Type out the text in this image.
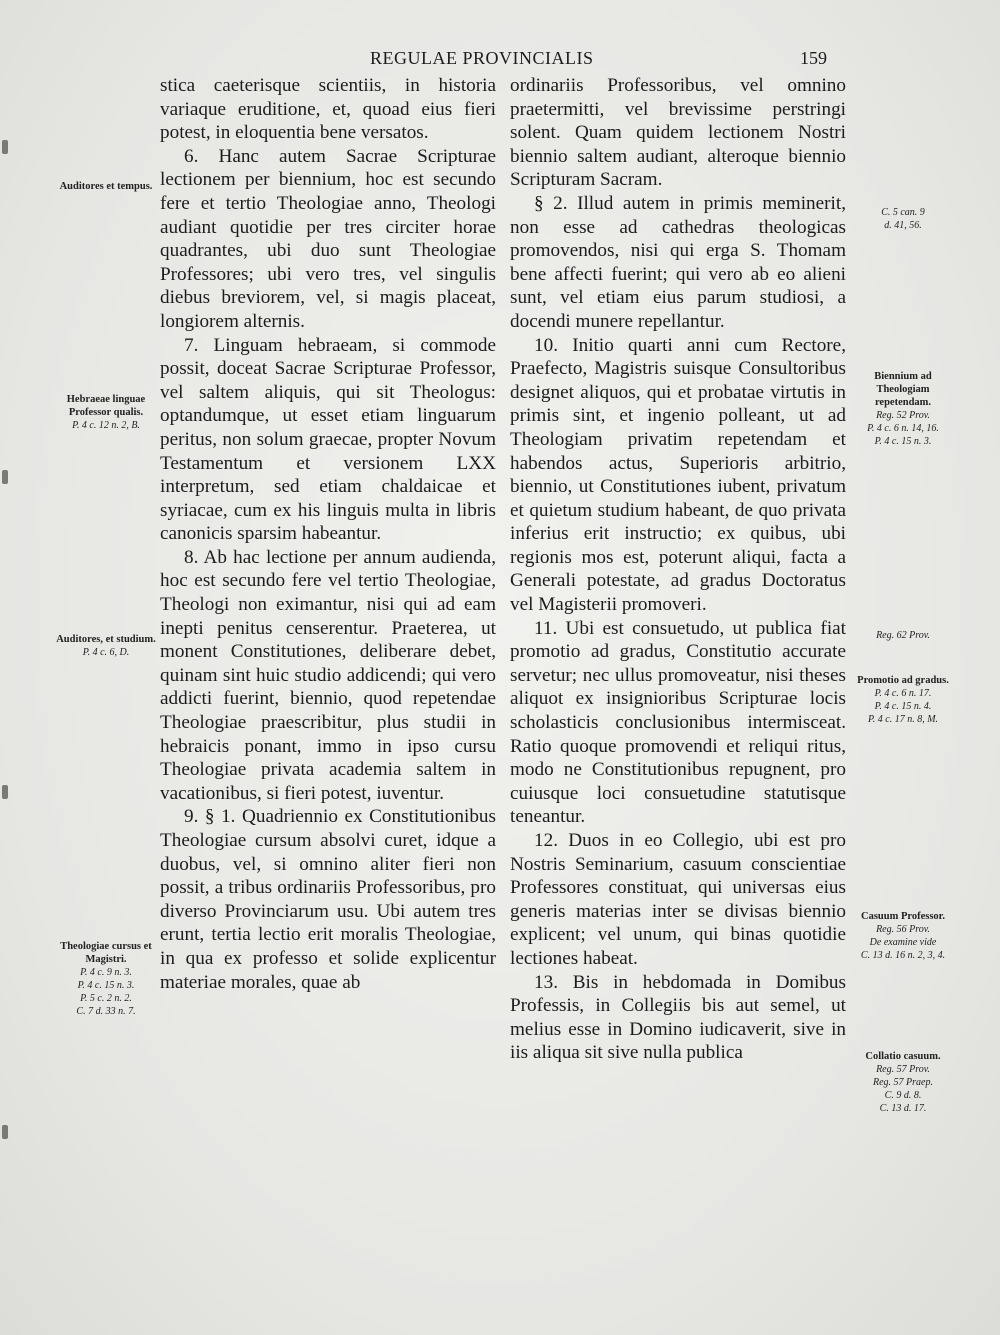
REGULAE PROVINCIALIS	159

stica caeterisque scientiis, in historia variaque eruditione, et, quoad eius fieri potest, in eloquentia bene versatos.

6. Hanc autem Sacrae Scripturae lectionem per biennium, hoc est secundo fere et tertio Theologiae anno, Theologi audiant quotidie per tres circiter horae quadrantes, ubi duo sunt Theologiae Professores; ubi vero tres, vel singulis diebus breviorem, vel, si magis placeat, longiorem alternis.

7. Linguam hebraeam, si commode possit, doceat Sacrae Scripturae Professor, vel saltem aliquis, qui sit Theologus: optandumque, ut esset etiam linguarum peritus, non solum graecae, propter Novum Testamentum et versionem LXX interpretum, sed etiam chaldaicae et syriacae, cum ex his linguis multa in libris canonicis sparsim habeantur.

8. Ab hac lectione per annum audienda, hoc est secundo fere vel tertio Theologiae, Theologi non eximantur, nisi qui ad eam inepti penitus censerentur. Praeterea, ut monent Constitutiones, deliberare debet, quinam sint huic studio addicendi; qui vero addicti fuerint, biennio, quod repetendae Theologiae praescribitur, plus studii in hebraicis ponant, immo in ipso cursu Theologiae privata academia saltem in vacationibus, si fieri potest, iuventur.

9. § 1. Quadriennio ex Constitutionibus Theologiae cursum absolvi curet, idque a duobus, vel, si omnino aliter fieri non possit, a tribus ordinariis Professoribus, pro diverso Provinciarum usu. Ubi autem tres erunt, tertia lectio erit moralis Theologiae, in qua ex professo et solide explicentur materiae morales, quae ab

ordinariis Professoribus, vel omnino praetermitti, vel brevissime perstringi solent. Quam quidem lectionem Nostri biennio saltem audiant, alteroque biennio Scripturam Sacram.

§ 2. Illud autem in primis meminerit, non esse ad cathedras theologicas promovendos, nisi qui erga S. Thomam bene affecti fuerint; qui vero ab eo alieni sunt, vel etiam eius parum studiosi, a docendi munere repellantur.

10. Initio quarti anni cum Rectore, Praefecto, Magistris suisque Consultoribus designet aliquos, qui et probatae virtutis in primis sint, et ingenio polleant, ut ad Theologiam privatim repetendam et habendos actus, Superioris arbitrio, biennio, ut Constitutiones iubent, privatum et quietum studium habeant, de quo privata inferius erit instructio; ex quibus, ubi regionis mos est, poterunt aliqui, facta a Generali potestate, ad gradus Doctoratus vel Magisterii promoveri.

11. Ubi est consuetudo, ut publica fiat promotio ad gradus, Constitutio accurate servetur; nec ullus promoveatur, nisi theses aliquot ex insignioribus Scripturae locis scholasticis conclusionibus intermisceat. Ratio quoque promovendi et reliqui ritus, modo ne Constitutionibus repugnent, pro cuiusque loci consuetudine statutisque teneantur.

12. Duos in eo Collegio, ubi est pro Nostris Seminarium, casuum conscientiae Professores constituat, qui universas eius generis materias inter se divisas biennio explicent; vel unum, qui binas quotidie lectiones habeat.

13. Bis in hebdomada in Domibus Professis, in Collegiis bis aut semel, ut melius esse in Domino iudicaverit, sive in iis aliqua sit sive nulla publica

Auditores et tempus.
Hebraeae linguae Professor qualis.
P. 4 c. 12 n. 2, B.
Auditores, et studium.
P. 4 c. 6, D.
Theologiae cursus et Magistri.
P. 4 c. 9 n. 3.
P. 4 c. 15 n. 3.
P. 5 c. 2 n. 2.
C. 7 d. 33 n. 7.
C. 5 can. 9
d. 41, 56.
Biennium ad Theologiam repetendam.
Reg. 52 Prov.
P. 4 c. 6 n. 14, 16.
P. 4 c. 15 n. 3.
Reg. 62 Prov.
Promotio ad gradus.
P. 4 c. 6 n. 17.
P. 4 c. 15 n. 4.
P. 4 c. 17 n. 8, M.
Casuum Professor.
Reg. 56 Prov.
De examine vide
C. 13 d. 16 n. 2, 3, 4.
Collatio casuum.
Reg. 57 Prov.
Reg. 57 Praep.
C. 9 d. 8.
C. 13 d. 17.
